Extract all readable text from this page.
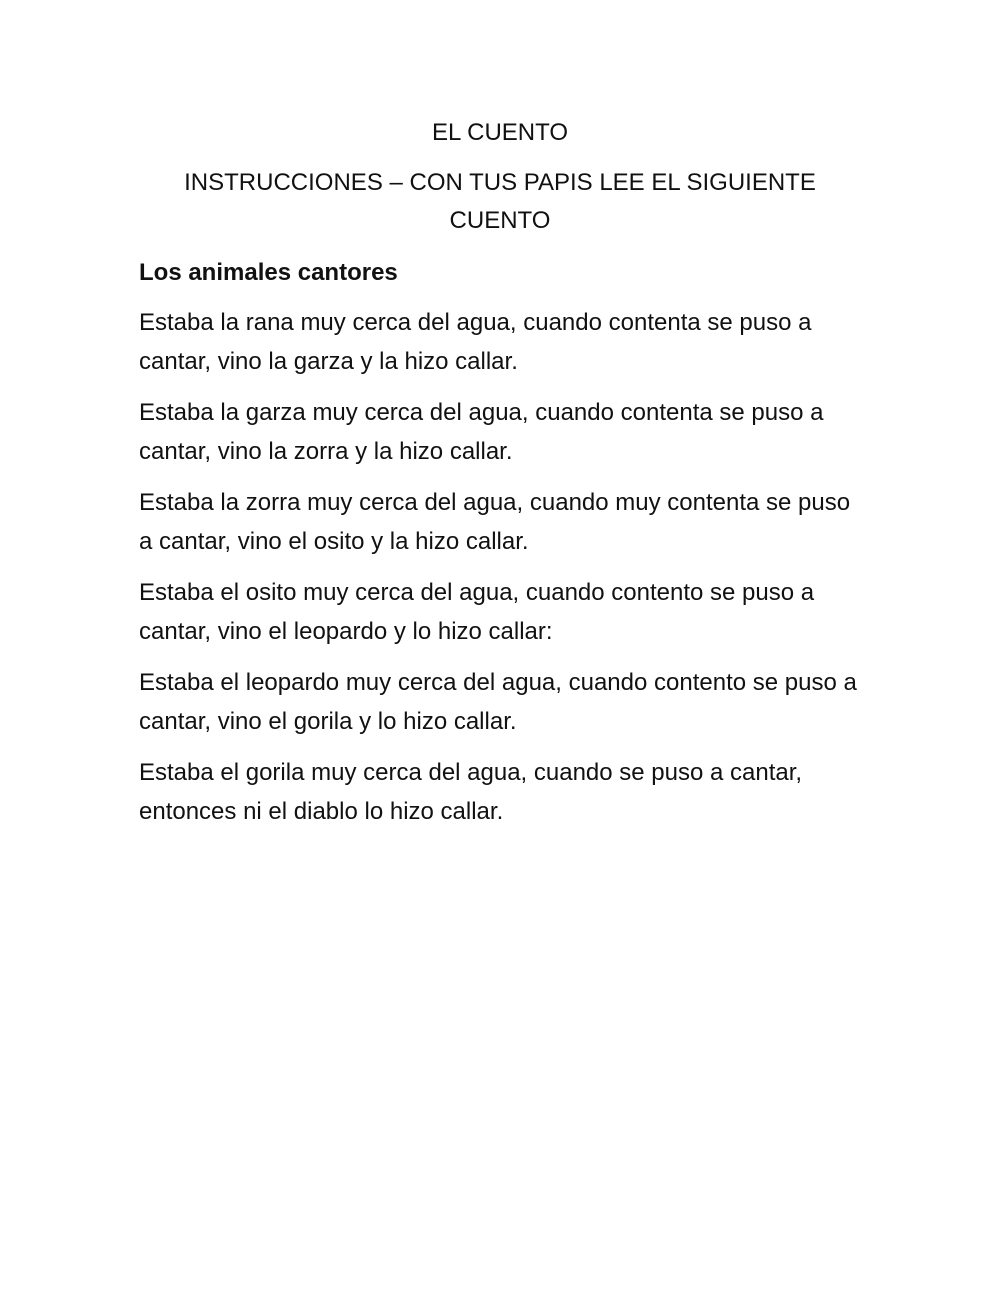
EL CUENTO

INSTRUCCIONES – CON TUS PAPIS LEE EL SIGUIENTE CUENTO

Los animales cantores

Estaba la rana muy cerca del agua, cuando contenta se puso a cantar, vino la garza y la hizo callar.

Estaba la garza muy cerca del agua, cuando contenta se puso a cantar, vino la zorra y la hizo callar.

Estaba la zorra muy cerca del agua, cuando muy contenta se puso a cantar, vino el osito y la hizo callar.

Estaba el osito muy cerca del agua, cuando contento se puso a cantar, vino el leopardo y lo hizo callar:

Estaba el leopardo muy cerca del agua, cuando contento se puso a cantar, vino el gorila y lo hizo callar.

Estaba el gorila muy cerca del agua, cuando se puso a cantar, entonces ni el diablo lo hizo callar.
